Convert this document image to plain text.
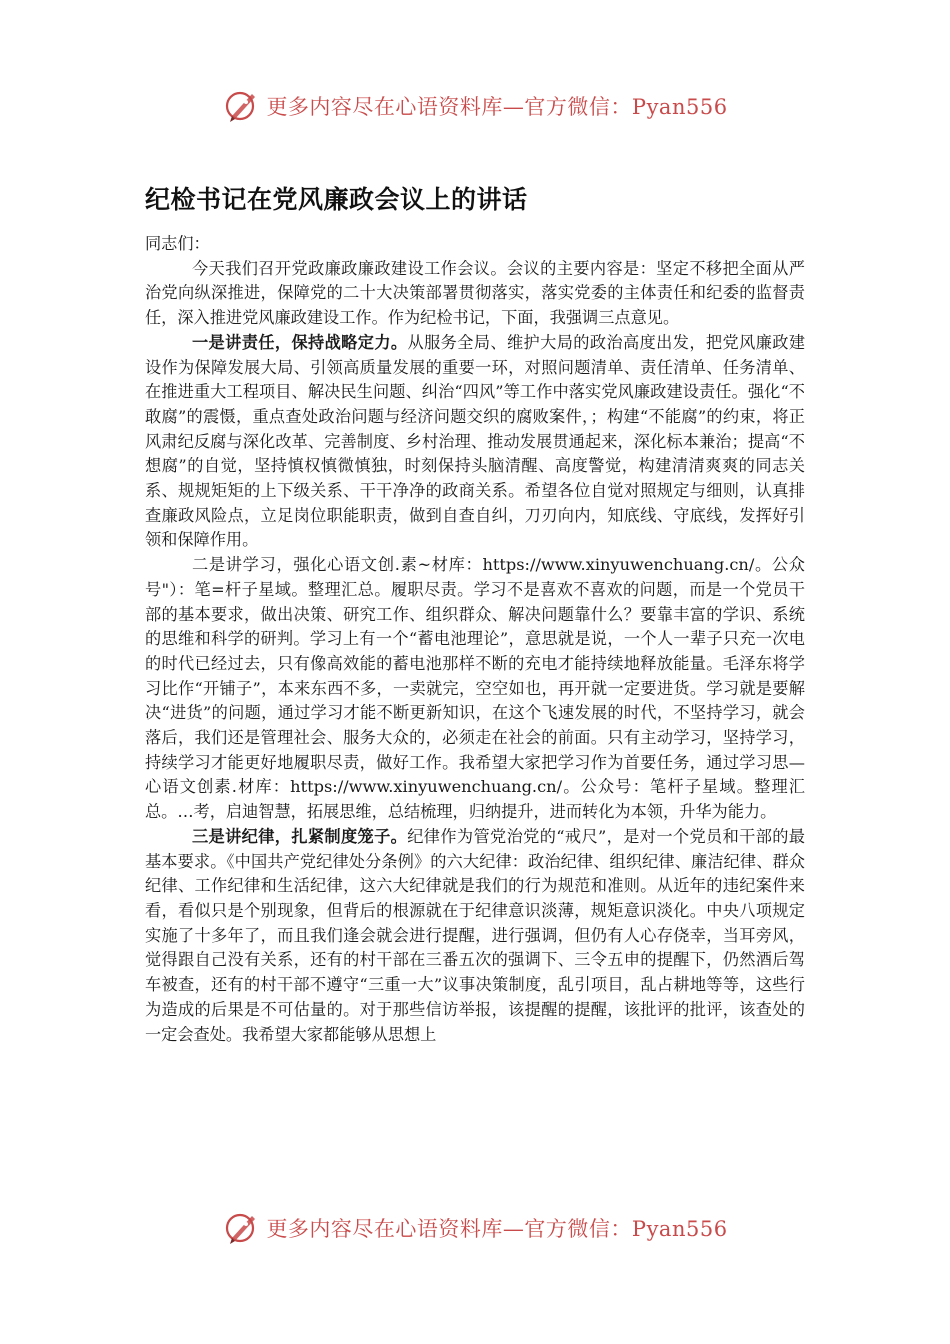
更多内容尽在心语资料库—官方微信：Pyan556
纪检书记在党风廉政会议上的讲话

同志们：

今天我们召开党政廉政廉政建设工作会议。会议的主要内容是：坚定不移把全面从严治党向纵深推进，保障党的二十大决策部署贯彻落实，落实党委的主体责任和纪委的监督责任，深入推进党风廉政建设工作。作为纪检书记，下面，我强调三点意见。

一是讲责任，保持战略定力。从服务全局、维护大局的政治高度出发，把党风廉政建设作为保障发展大局、引领高质量发展的重要一环，对照问题清单、责任清单、任务清单、在推进重大工程项目、解决民生问题、纠治“四风”等工作中落实党风廉政建设责任。强化“不敢腐”的震慑，重点查处政治问题与经济问题交织的腐败案件，；构建“不能腐”的约束，将正风肃纪反腐与深化改革、完善制度、乡村治理、推动发展贯通起来，深化标本兼治；提高“不想腐”的自觉，坚持慎权慎微慎独，时刻保持头脑清醒、高度警觉，构建清清爽爽的同志关系、规规矩矩的上下级关系、干干净净的政商关系。希望各位自觉对照规定与细则，认真排查廉政风险点，立足岗位职能职责，做到自查自纠，刀刃向内，知底线、守底线，发挥好引领和保障作用。

二是讲学习，强化心语文创.素~材库：https://www.xinyuwenchuang.cn/。公众号"）：笔=杆子星域。整理汇总。履职尽责。学习不是喜欢不喜欢的问题，而是一个党员干部的基本要求，做出决策、研究工作、组织群众、解决问题靠什么？要靠丰富的学识、系统的思维和科学的研判。学习上有一个“蓄电池理论”，意思就是说，一个人一辈子只充一次电的时代已经过去，只有像高效能的蓄电池那样不断的充电才能持续地释放能量。毛泽东将学习比作“开铺子”，本来东西不多，一卖就完，空空如也，再开就一定要进货。学习就是要解决“进货”的问题，通过学习才能不断更新知识，在这个飞速发展的时代，不坚持学习，就会落后，我们还是管理社会、服务大众的，必须走在社会的前面。只有主动学习，坚持学习，持续学习才能更好地履职尽责，做好工作。我希望大家把学习作为首要任务，通过学习思—心语文创素.材库：https://www.xinyuwenchuang.cn/。公众号：笔杆子星域。整理汇总。…考，启迪智慧，拓展思维，总结梳理，归纳提升，进而转化为本领，升华为能力。

三是讲纪律，扎紧制度笼子。纪律作为管党治党的“戒尺”，是对一个党员和干部的最基本要求。《中国共产党纪律处分条例》的六大纪律：政治纪律、组织纪律、廉洁纪律、群众纪律、工作纪律和生活纪律，这六大纪律就是我们的行为规范和准则。从近年的违纪案件来看，看似只是个别现象，但背后的根源就在于纪律意识淡薄，规矩意识淡化。中央八项规定实施了十多年了，而且我们逢会就会进行提醒，进行强调，但仍有人心存侥幸，当耳旁风，觉得跟自己没有关系，还有的村干部在三番五次的强调下、三令五申的提醒下，仍然酒后驾车被查，还有的村干部不遵守“三重一大”议事决策制度，乱引项目，乱占耕地等等，这些行为造成的后果是不可估量的。对于那些信访举报，该提醒的提醒，该批评的批评，该查处的一定会查处。我希望大家都能够从思想上

更多内容尽在心语资料库—官方微信：Pyan556
